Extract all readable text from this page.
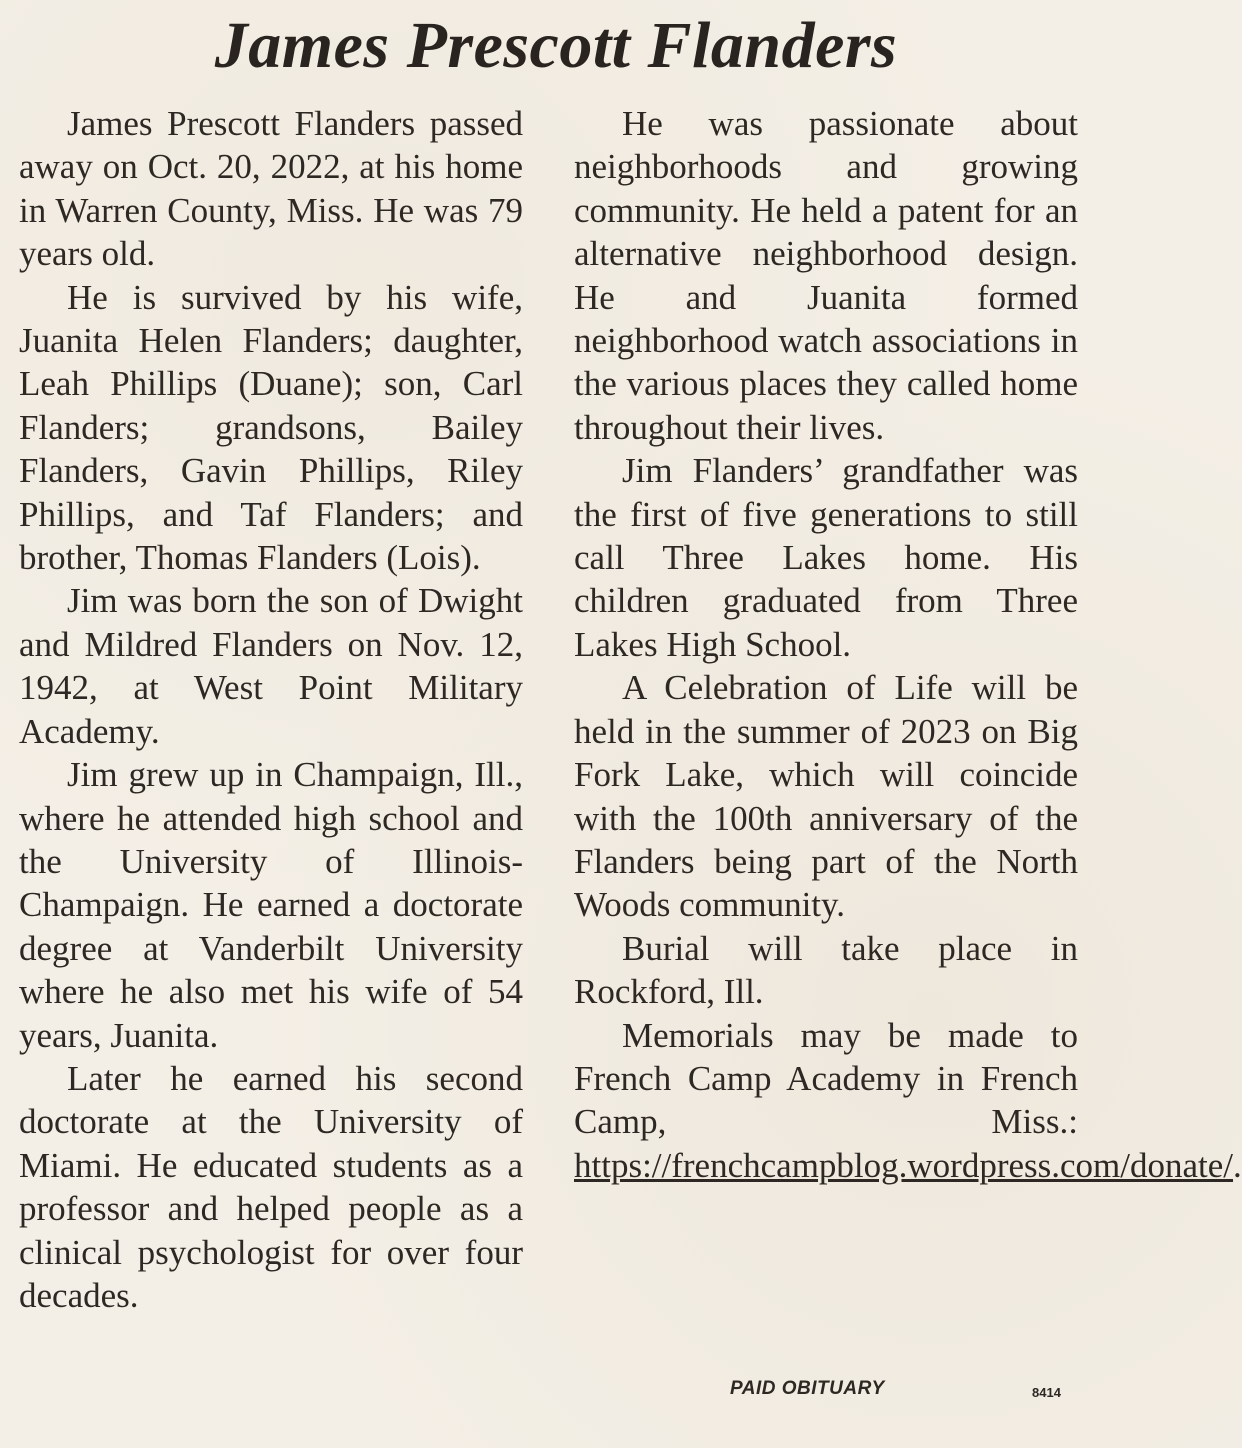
James Prescott Flanders

James Prescott Flanders passed away on Oct. 20, 2022, at his home in Warren County, Miss. He was 79 years old.

He is survived by his wife, Juanita Helen Flanders; daughter, Leah Phillips (Duane); son, Carl Flanders; grandsons, Bailey Flanders, Gavin Phillips, Riley Phillips, and Taf Flanders; and brother, Thomas Flanders (Lois).

Jim was born the son of Dwight and Mildred Flanders on Nov. 12, 1942, at West Point Military Academy.

Jim grew up in Champaign, Ill., where he attended high school and the University of Illinois-Champaign. He earned a doctorate degree at Vanderbilt University where he also met his wife of 54 years, Juanita.

Later he earned his second doctorate at the University of Miami. He educated students as a professor and helped people as a clinical psychologist for over four decades.

He was passionate about neighborhoods and growing community. He held a patent for an alternative neighborhood design. He and Juanita formed neighborhood watch associations in the various places they called home throughout their lives.

Jim Flanders’ grandfather was the first of five generations to still call Three Lakes home. His children graduated from Three Lakes High School.

A Celebration of Life will be held in the summer of 2023 on Big Fork Lake, which will coincide with the 100th anniversary of the Flanders being part of the North Woods community.

Burial will take place in Rockford, Ill.

Memorials may be made to French Camp Academy in French Camp, Miss.: https://frenchcampblog.wordpress.com/donate/.

PAID OBITUARY	8414
